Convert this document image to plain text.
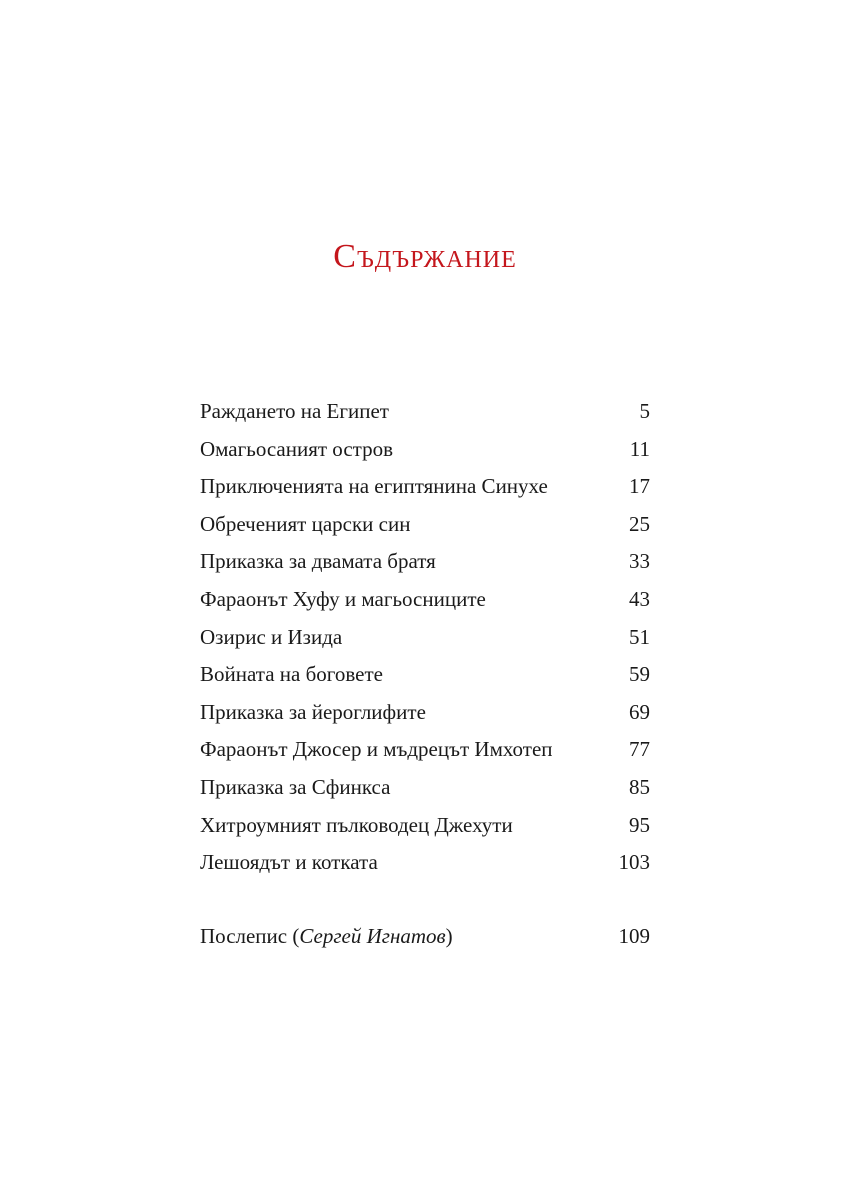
Съдържание
Раждането на Египет	5
Омагьосаният остров	11
Приключенията на египтянина Синухе	17
Обреченият царски син	25
Приказка за двамата братя	33
Фараонът Хуфу и магьосниците	43
Озирис и Изида	51
Войната на боговете	59
Приказка за йероглифите	69
Фараонът Джосер и мъдрецът Имхотеп	77
Приказка за Сфинкса	85
Хитроумният пълководец Джехути	95
Лешоядът и котката	103
Послепис (Сергей Игнатов)	109
